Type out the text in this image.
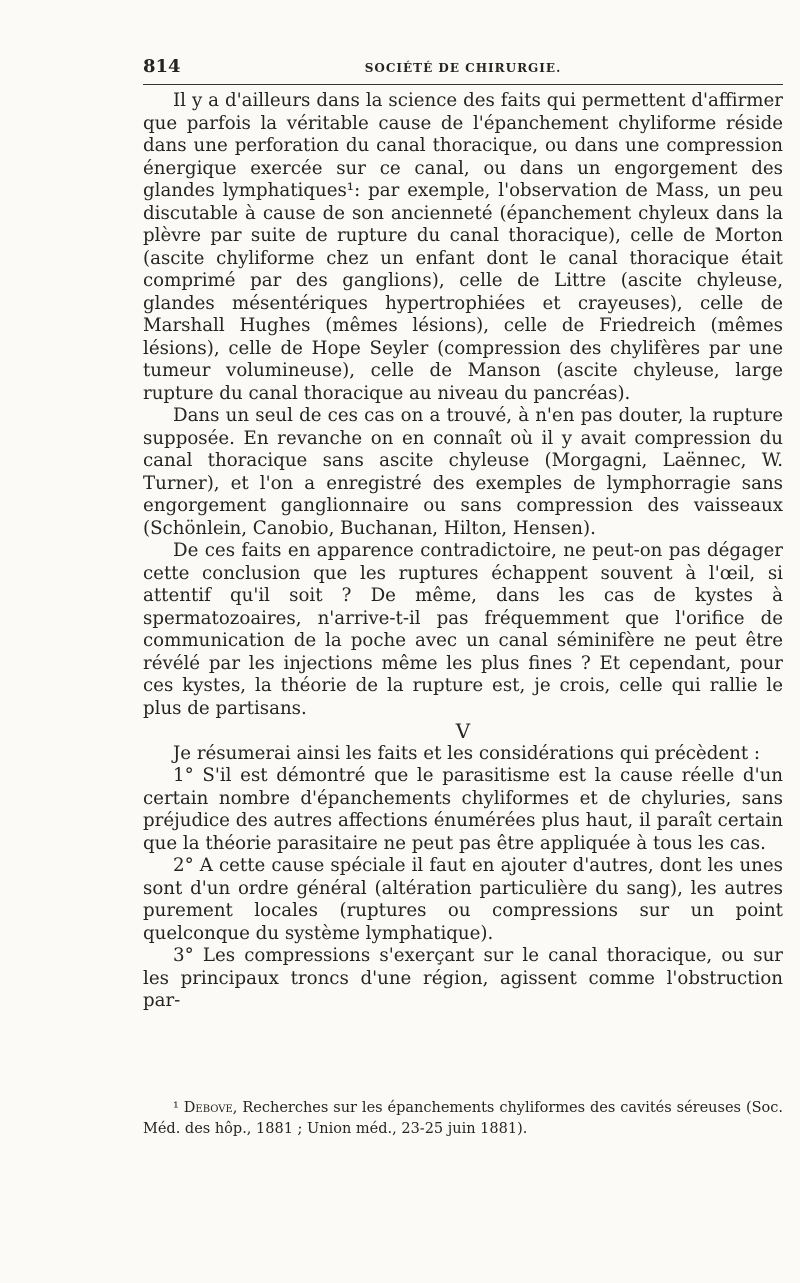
814	SOCIÉTÉ DE CHIRURGIE.

Il y a d'ailleurs dans la science des faits qui permettent d'affirmer que parfois la véritable cause de l'épanchement chyliforme réside dans une perforation du canal thoracique, ou dans une compression énergique exercée sur ce canal, ou dans un engorgement des glandes lymphatiques¹: par exemple, l'observation de Mass, un peu discutable à cause de son ancienneté (épanchement chyleux dans la plèvre par suite de rupture du canal thoracique), celle de Morton (ascite chyliforme chez un enfant dont le canal thoracique était comprimé par des ganglions), celle de Littre (ascite chyleuse, glandes mésentériques hypertrophiées et crayeuses), celle de Marshall Hughes (mêmes lésions), celle de Friedreich (mêmes lésions), celle de Hope Seyler (compression des chylifères par une tumeur volumineuse), celle de Manson (ascite chyleuse, large rupture du canal thoracique au niveau du pancréas).

Dans un seul de ces cas on a trouvé, à n'en pas douter, la rupture supposée. En revanche on en connaît où il y avait compression du canal thoracique sans ascite chyleuse (Morgagni, Laënnec, W. Turner), et l'on a enregistré des exemples de lymphorragie sans engorgement ganglionnaire ou sans compression des vaisseaux (Schönlein, Canobio, Buchanan, Hilton, Hensen).

De ces faits en apparence contradictoire, ne peut-on pas dégager cette conclusion que les ruptures échappent souvent à l'œil, si attentif qu'il soit ? De même, dans les cas de kystes à spermatozoaires, n'arrive-t-il pas fréquemment que l'orifice de communication de la poche avec un canal séminifère ne peut être révélé par les injections même les plus fines ? Et cependant, pour ces kystes, la théorie de la rupture est, je crois, celle qui rallie le plus de partisans.

V

Je résumerai ainsi les faits et les considérations qui précèdent :

1° S'il est démontré que le parasitisme est la cause réelle d'un certain nombre d'épanchements chyliformes et de chyluries, sans préjudice des autres affections énumérées plus haut, il paraît certain que la théorie parasitaire ne peut pas être appliquée à tous les cas.

2° A cette cause spéciale il faut en ajouter d'autres, dont les unes sont d'un ordre général (altération particulière du sang), les autres purement locales (ruptures ou compressions sur un point quelconque du système lymphatique).

3° Les compressions s'exerçant sur le canal thoracique, ou sur les principaux troncs d'une région, agissent comme l'obstruction par-

¹ Debove, Recherches sur les épanchements chyliformes des cavités séreuses (Soc. Méd. des hôp., 1881 ; Union méd., 23-25 juin 1881).
